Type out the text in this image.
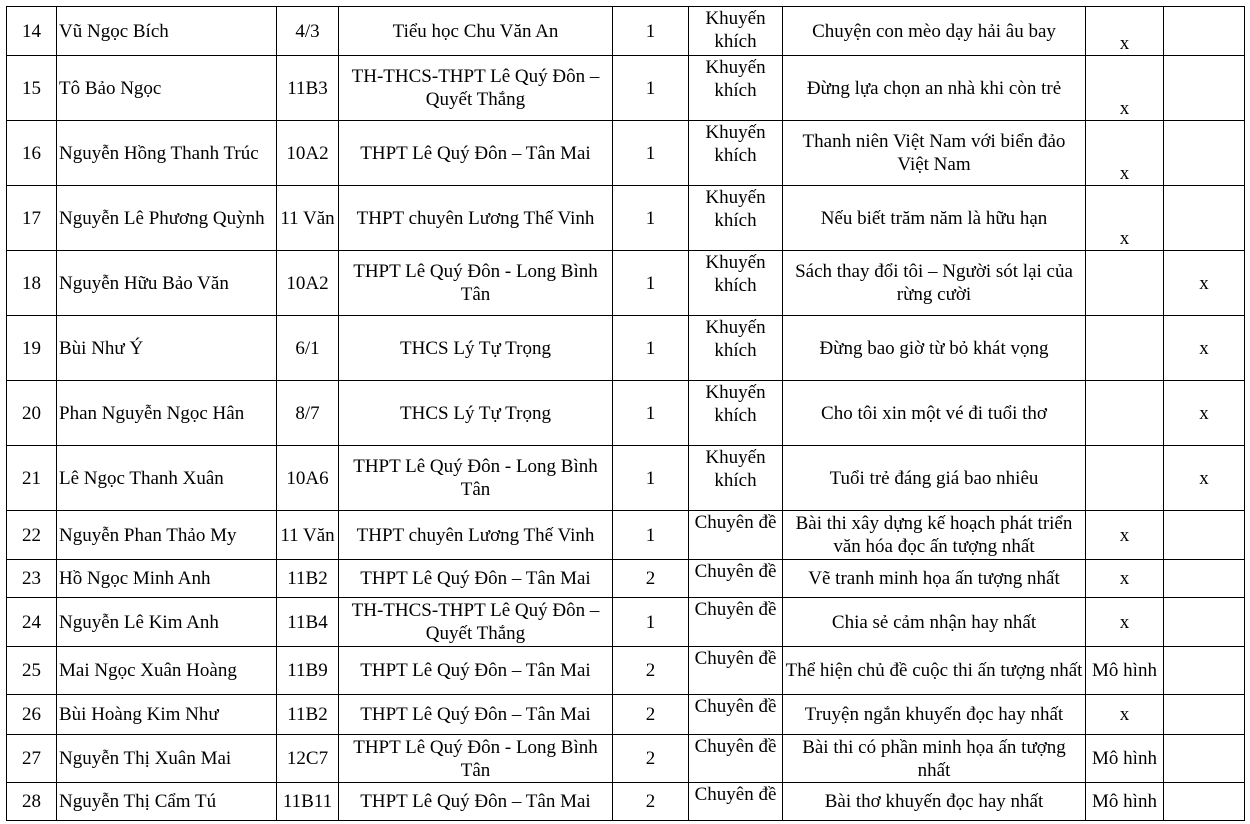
14	Vũ Ngọc Bích	4/3	Tiểu học Chu Văn An	1	Khuyến khích	Chuyện con mèo dạy hải âu bay	x	
15	Tô Bảo Ngọc	11B3	TH-THCS-THPT Lê Quý Đôn – Quyết Thắng	1	Khuyến khích	Đừng lựa chọn an nhà khi còn trẻ	x	
16	Nguyễn Hồng Thanh Trúc	10A2	THPT Lê Quý Đôn – Tân Mai	1	Khuyến khích	Thanh niên Việt Nam với biển đảo Việt Nam	x	
17	Nguyễn Lê Phương Quỳnh	11 Văn	THPT chuyên Lương Thế Vinh	1	Khuyến khích	Nếu biết trăm năm là hữu hạn	x	
18	Nguyễn Hữu Bảo Văn	10A2	THPT Lê Quý Đôn - Long Bình Tân	1	Khuyến khích	Sách thay đổi tôi – Người sót lại của rừng cười		x
19	Bùi Như Ý	6/1	THCS Lý Tự Trọng	1	Khuyến khích	Đừng bao giờ từ bỏ khát vọng		x
20	Phan Nguyễn Ngọc Hân	8/7	THCS Lý Tự Trọng	1	Khuyến khích	Cho tôi xin một vé đi tuổi thơ		x
21	Lê Ngọc Thanh Xuân	10A6	THPT Lê Quý Đôn - Long Bình Tân	1	Khuyến khích	Tuổi trẻ đáng giá bao nhiêu		x
22	Nguyễn Phan Thảo My	11 Văn	THPT chuyên Lương Thế Vinh	1	Chuyên đề	Bài thi xây dựng kế hoạch phát triển văn hóa đọc ấn tượng nhất	x	
23	Hồ Ngọc Minh Anh	11B2	THPT Lê Quý Đôn – Tân Mai	2	Chuyên đề	Vẽ tranh minh họa ấn tượng nhất	x	
24	Nguyễn Lê Kim Anh	11B4	TH-THCS-THPT Lê Quý Đôn – Quyết Thắng	1	Chuyên đề	Chia sẻ cảm nhận hay nhất	x	
25	Mai Ngọc Xuân Hoàng	11B9	THPT Lê Quý Đôn – Tân Mai	2	Chuyên đề	Thể hiện chủ đề cuộc thi ấn tượng nhất	Mô hình	
26	Bùi Hoàng Kim Như	11B2	THPT Lê Quý Đôn – Tân Mai	2	Chuyên đề	Truyện ngắn khuyến đọc hay nhất	x	
27	Nguyễn Thị Xuân Mai	12C7	THPT Lê Quý Đôn - Long Bình Tân	2	Chuyên đề	Bài thi có phần minh họa ấn tượng nhất	Mô hình	
28	Nguyễn Thị Cẩm Tú	11B11	THPT Lê Quý Đôn – Tân Mai	2	Chuyên đề	Bài thơ khuyến đọc hay nhất	Mô hình	
